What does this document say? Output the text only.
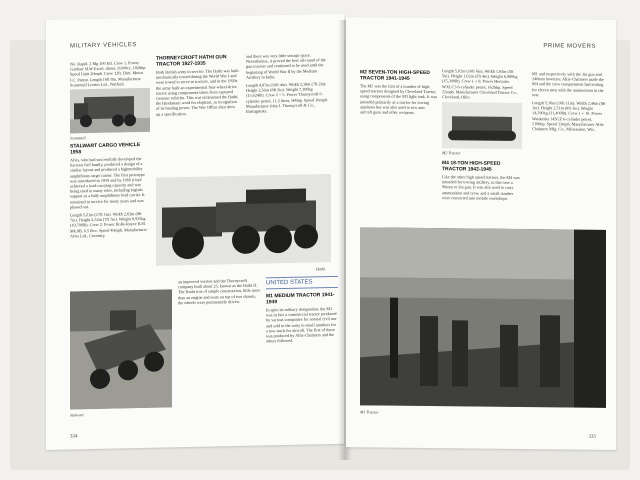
MILITARY VEHICLES

No. Rapid. 2 Mg 100 Hd. Crew 1. Power Gardner 6LW Excel. diesel, 8,600cc, 102bhp. Speed limit 20mph. Crew 12ft. Dim. Motor. I.C. Patent. Length 16ft 8in. Manufacturer Scammell Lorries Ltd., Watford.

Scammell
STALWART CARGO VEHICLE 1958

Alvis, who had successfully developed the Saracen 6x6 family, produced a design of a similar layout and produced a highmobility amphibious cargo carrier. The first prototype was introduced in 1959 and by 1966 it had achieved a load-carrying capacity and was being used in many roles, including logistic support as a fully-amphibious load carrier. It remained in service for many years and was phased out.

Length 5,21m (17ft 1in). Width 2,62m (8ft 7in). Height 2,32m (7ft 7in). Weight 8,935kg (19,700lb). Crew 2. Power Rolls-Royce B.81 Mk.8B, 6,516cc. Speed 40mph. Manufacturer Alvis Ltd., Coventry.

Stalwart
THORNEYCROFT HATHI GUN TRACTOR 1927-1935

Both British army in service. The Hathi was built mechanically towed during the World War I and were towed to serve as tractors, and in the 1920s the army built an experimental four-wheel-drive tractor using components taken from captured German vehicles. This was nicknamed the Hathi, the Hindustani word for elephant, in recognition of its hauling power. The War Office then drew up a specification.

and there was very little storage space. Nevertheless, it proved the best all-round of the gun tractors and continued to be used until the beginning of World War II by the Medium Artillery in India.

Length 4,97m (16ft 4in). Width 2,18m (7ft 2in). Height 2,56m (8ft 5in). Weight 7,100kg (15,624lb). Crew 2 + 5. Power Thornycroft 6-cylinder petrol, 11.2 litres, 90bhp. Speed 16mph. Manufacturer John I. Thornycroft & Co., Basingstoke.

Hathi

an improved version and the Thornycroft company built about 25, known as the Hathi II. The Hathi was of simple construction, little more than an engine and seats on top of two chassis, the wheels were permanently driven.

UNITED STATES
M1 MEDIUM TRACTOR 1941-1949

In spite its military designation, the M1 was in fact a commercial tractor produced by various companies for normal civil use and sold to the army in small numbers for a tow-truck for aircraft. The first of these was produced by Allis-Chalmers and the others followed.

334
PRIME MOVERS
M2 SEVEN-TON HIGH-SPEED TRACTOR 1941-1945

The M2 was the first of a number of high-speed tractors designed by Cleveland Tractor, using components of the M3 light tank. It was intended primarily as a tractor for towing airplanes but was also used to tow anti-aircraft guns and other weapons.

Length 5,02m (16ft 6in). Width 1,65m (5ft 5in). Height 1,62m (5ft 4in). Weight 6,980kg (15,390lb). Crew 1 + 8. Power Hercules WXLC3 6-cylinder petrol, 162bhp. Speed 22mph. Manufacturer Cleveland Tractor Co., Cleveland, Ohio.

M2 Tractor
M4 18-TON HIGH-SPEED TRACTOR 1942-1945

Like the other high speed tractors, the M4 was intended for towing artillery, in this case a 90mm or 3in gun. It was also used to carry ammunition and crew, and a small number were converted into mobile workshops.

M1 and respectively with the 3in gun and 240mm howitzer. Allis-Chalmers made the M4 and the crew compartment had seating for eleven men with the ammunition in the rear.

Length 5,16m (16ft 11in). Width 2,46m (8ft 1in). Height 2,51m (8ft 3in). Weight 14,290kg (31,400lb). Crew 1 + 10. Power Waukesha 145GZ 6-cylinder petrol, 210bhp. Speed 33mph. Manufacturer Allis-Chalmers Mfg. Co., Milwaukee, Wis.

M1 Tractor
335
